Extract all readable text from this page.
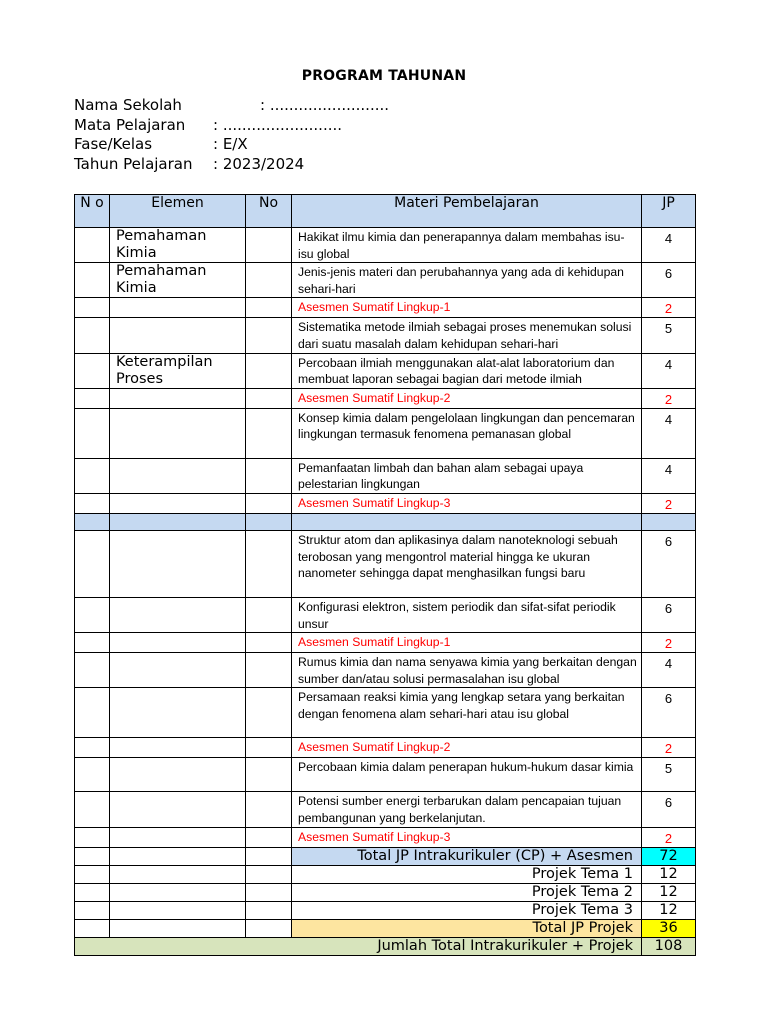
PROGRAM TAHUNAN
Nama Sekolah	: .........................
Mata Pelajaran : .........................
Fase/Kelas	: E/X
Tahun Pelajaran : 2023/2024
N o	Elemen	No	Materi Pembelajaran	JP
	Pemahaman Kimia		Hakikat ilmu kimia dan penerapannya dalam membahas isu-isu global	4
	Pemahaman Kimia		Jenis-jenis materi dan perubahannya yang ada di kehidupan sehari-hari	6
			Asesmen Sumatif Lingkup-1	2
			Sistematika metode ilmiah sebagai proses menemukan solusi dari suatu masalah dalam kehidupan sehari-hari	5
	Keterampilan Proses		Percobaan ilmiah menggunakan alat-alat laboratorium dan membuat laporan sebagai bagian dari metode ilmiah	4
			Asesmen Sumatif Lingkup-2	2
			Konsep kimia dalam pengelolaan lingkungan dan pencemaran lingkungan termasuk fenomena pemanasan global	4
			Pemanfaatan limbah dan bahan alam sebagai upaya pelestarian lingkungan	4
			Asesmen Sumatif Lingkup-3	2

			Struktur atom dan aplikasinya dalam nanoteknologi sebuah terobosan yang mengontrol material hingga ke ukuran nanometer sehingga dapat menghasilkan fungsi baru	6
			Konfigurasi elektron, sistem periodik dan sifat-sifat periodik unsur	6
			Asesmen Sumatif Lingkup-1	2
			Rumus kimia dan nama senyawa kimia yang berkaitan dengan sumber dan/atau solusi permasalahan isu global	4
			Persamaan reaksi kimia yang lengkap setara yang berkaitan dengan fenomena alam sehari-hari atau isu global	6
			Asesmen Sumatif Lingkup-2	2
			Percobaan kimia dalam penerapan hukum-hukum dasar kimia	5
			Potensi sumber energi terbarukan dalam pencapaian tujuan pembangunan yang berkelanjutan.	6
			Asesmen Sumatif Lingkup-3	2
			Total JP Intrakurikuler (CP) + Asesmen	72
			Projek Tema 1	12
			Projek Tema 2	12
			Projek Tema 3	12
			Total JP Projek	36
Jumlah Total Intrakurikuler + Projek				108
